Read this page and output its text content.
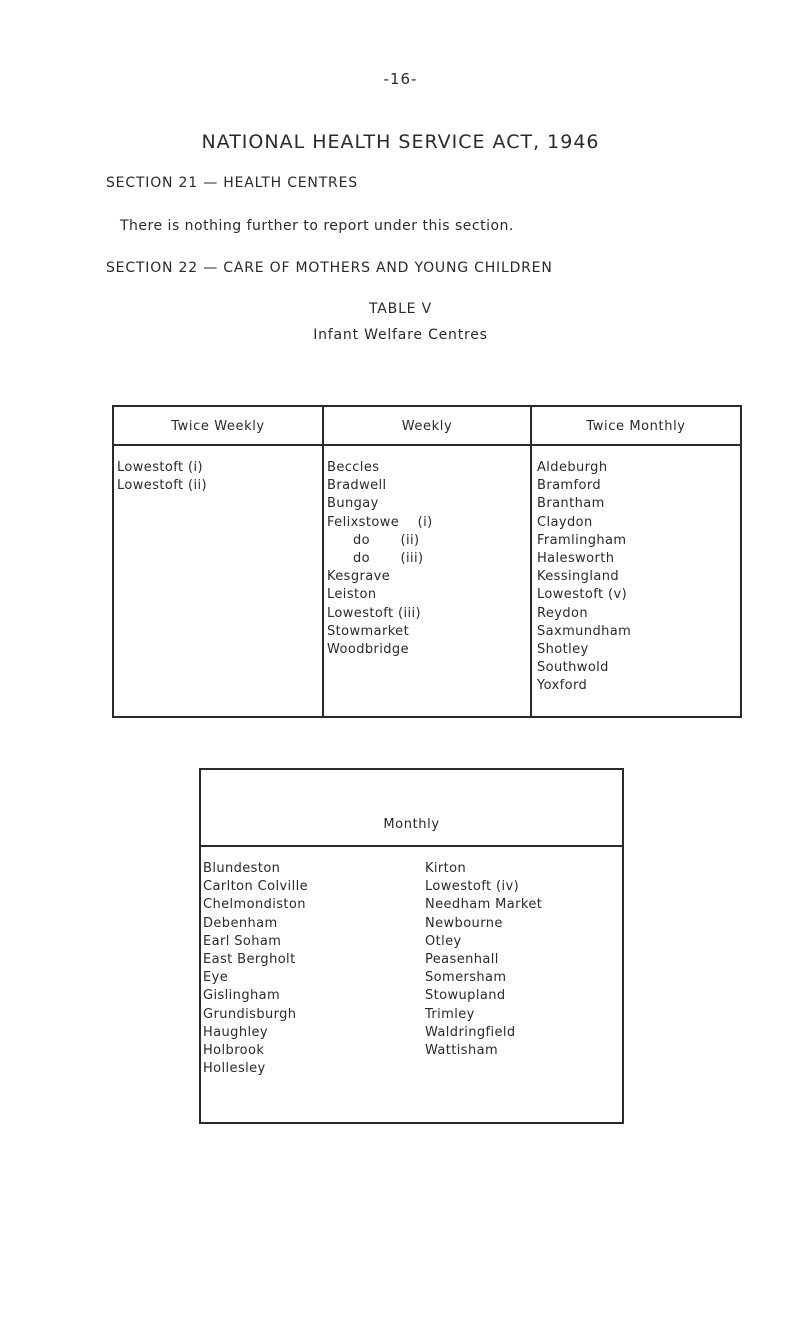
-16-
NATIONAL HEALTH SERVICE ACT, 1946
SECTION 21 — HEALTH CENTRES
There is nothing further to report under this section.
SECTION 22 — CARE OF MOTHERS AND YOUNG CHILDREN
TABLE V
Infant Welfare Centres
Twice Weekly	Weekly	Twice Monthly
Lowestoft (i)
Lowestoft (ii)
Beccles
Bradwell
Bungay
Felixstowe (i)
do (ii)
do (iii)
Kesgrave
Leiston
Lowestoft (iii)
Stowmarket
Woodbridge
Aldeburgh
Bramford
Brantham
Claydon
Framlingham
Halesworth
Kessingland
Lowestoft (v)
Reydon
Saxmundham
Shotley
Southwold
Yoxford
Monthly
Blundeston
Carlton Colville
Chelmondiston
Debenham
Earl Soham
East Bergholt
Eye
Gislingham
Grundisburgh
Haughley
Holbrook
Hollesley
Kirton
Lowestoft (iv)
Needham Market
Newbourne
Otley
Peasenhall
Somersham
Stowupland
Trimley
Waldringfield
Wattisham
